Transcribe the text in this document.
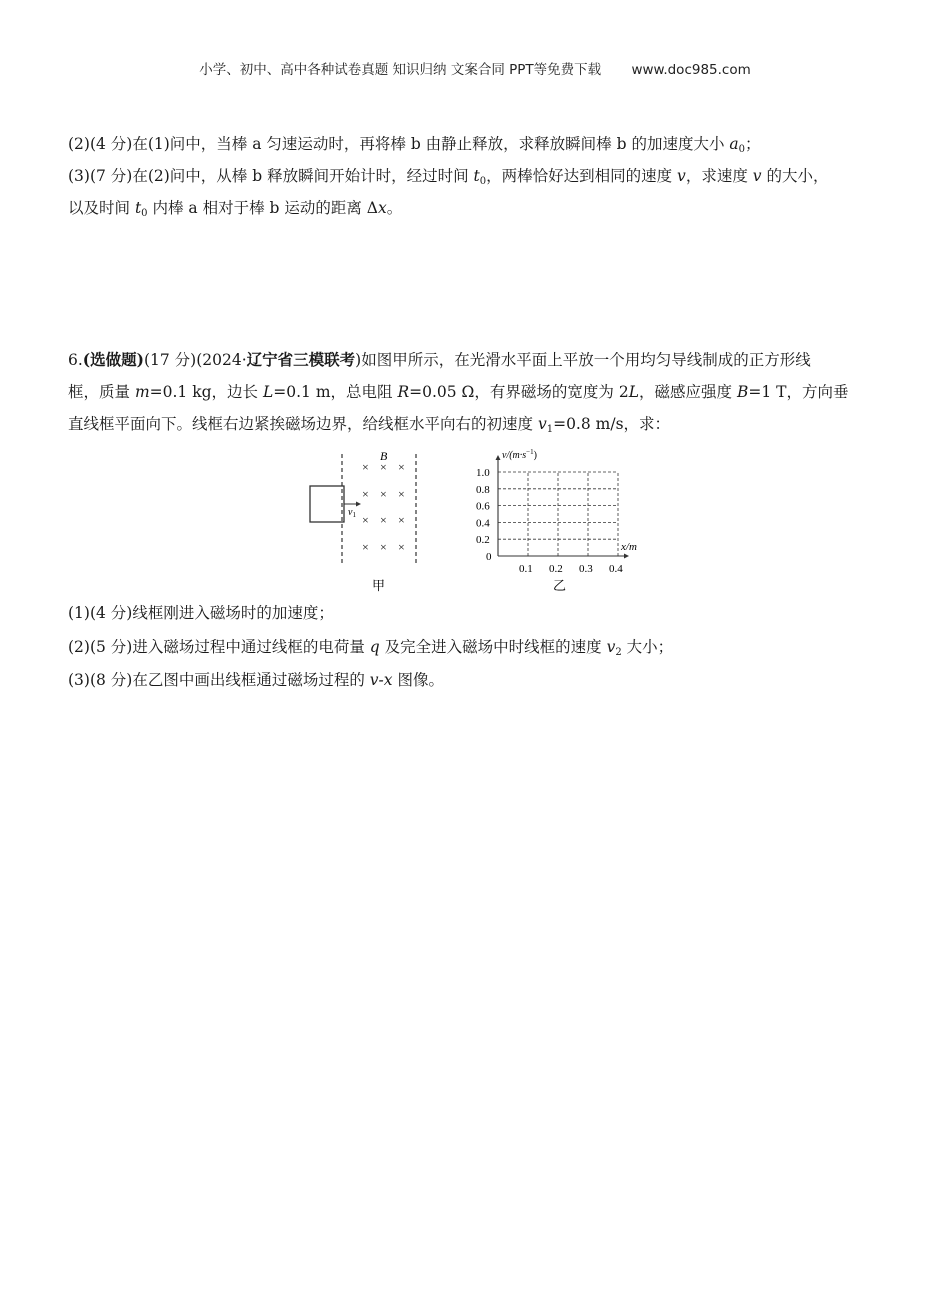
小学、初中、高中各种试卷真题 知识归纳 文案合同 PPT等免费下载 www.doc985.com
(2)(4 分)在(1)问中，当棒 a 匀速运动时，再将棒 b 由静止释放，求释放瞬间棒 b 的加速度大小 $a_0$；
(3)(7 分)在(2)问中，从棒 b 释放瞬间开始计时，经过时间 $t_0$，两棒恰好达到相同的速度 v，求速度 v 的大小，
以及时间 $t_0$ 内棒 a 相对于棒 b 运动的距离 Δx。
6.(选做题)(17 分)(2024·辽宁省三模联考)如图甲所示，在光滑水平面上平放一个用均匀导线制成的正方形线
框，质量 m=0.1 kg，边长 L=0.1 m，总电阻 R=0.05 Ω，有界磁场的宽度为 2L，磁感应强度 B=1 T，方向垂
直线框平面向下。线框右边紧挨磁场边界，给线框水平向右的初速度 $v_1=0.8$ m/s，求：
B
$v_1$
× × ×
× × ×
× × ×
× × ×
甲
$v/(m\cdot s^{-1})$
x/m
0
0.2
0.4
0.6
0.8
1.0
0.1 0.2 0.3 0.4
乙
(1)(4 分)线框刚进入磁场时的加速度；
(2)(5 分)进入磁场过程中通过线框的电荷量 q 及完全进入磁场中时线框的速度 $v_2$ 大小；
(3)(8 分)在乙图中画出线框通过磁场过程的 v-x 图像。
